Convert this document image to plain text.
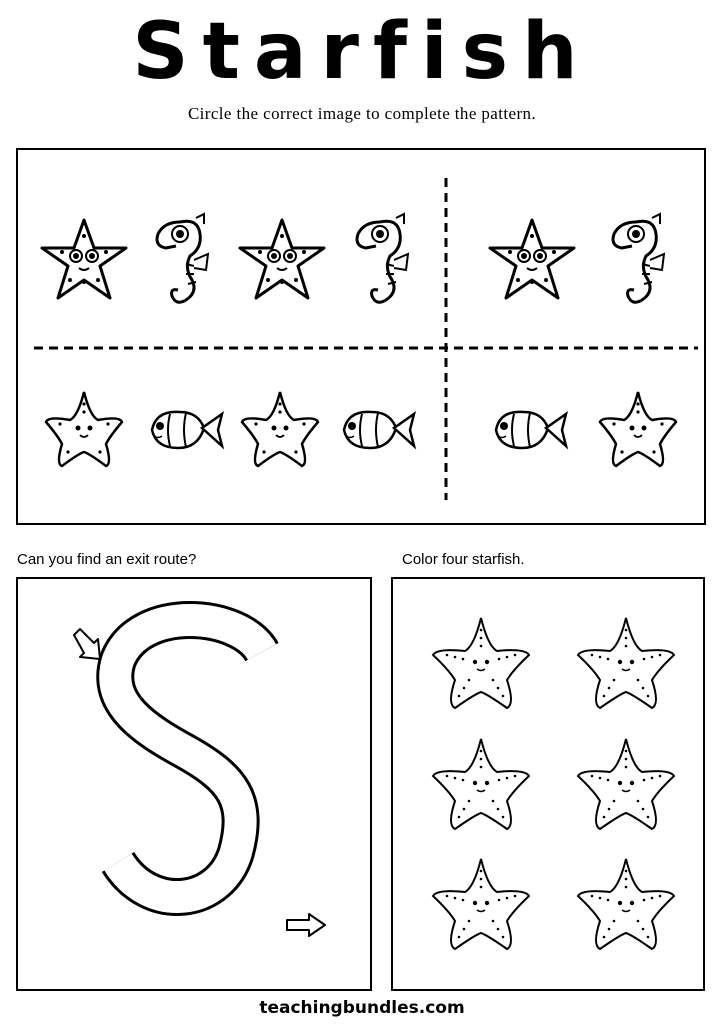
Starfish
Circle the correct image to complete the pattern.
Can you find an exit route?	Color four starfish.
teachingbundles.com
